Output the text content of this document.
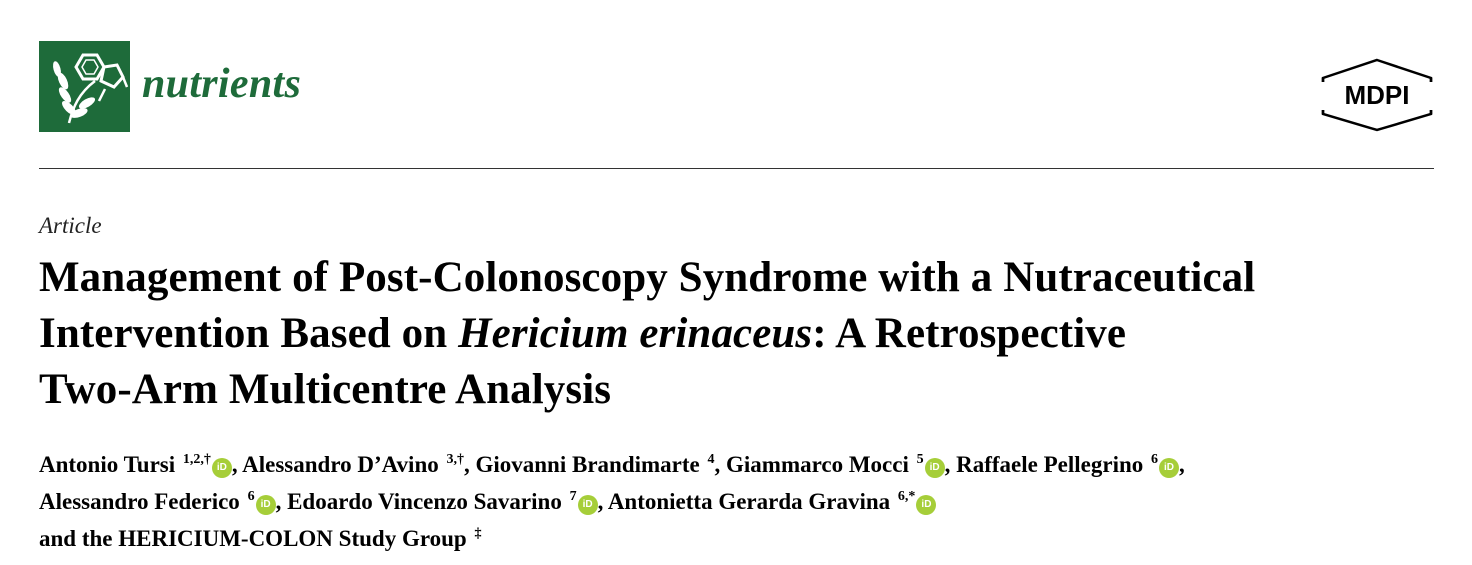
nutrients	MDPI
Article
Management of Post-Colonoscopy Syndrome with a Nutraceutical
Intervention Based on Hericium erinaceus: A Retrospective
Two-Arm Multicentre Analysis
Antonio Tursi $^{1,2,\dagger}$iD , Alessandro D’Avino $^{3,\dagger}$, Giovanni Brandimarte $^4$, Giammarco Mocci $^5$iD , Raffaele Pellegrino $^6$iD ,
Alessandro Federico $^6$iD , Edoardo Vincenzo Savarino $^7$iD , Antonietta Gerarda Gravina $^{6,*}$iD
and the HERICIUM-COLON Study Group ‡
